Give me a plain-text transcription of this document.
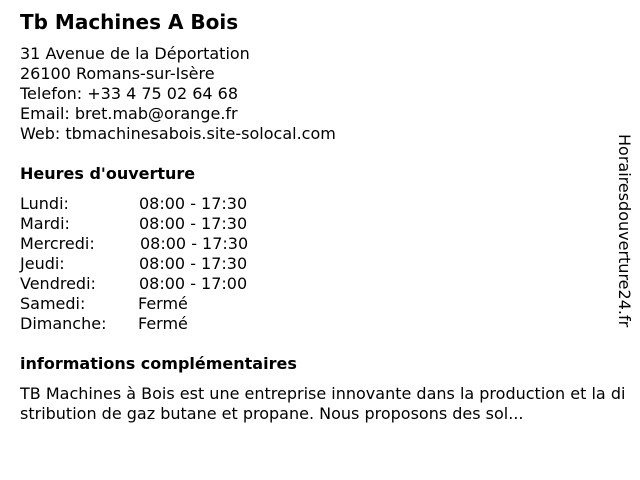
Tb Machines A Bois
31 Avenue de la Déportation
26100 Romans-sur-Isère
Telefon: +33 4 75 02 64 68
Email: bret.mab@orange.fr
Web: tbmachinesabois.site-solocal.com
Heures d'ouverture
Lundi:	08:00 - 17:30
Mardi:	08:00 - 17:30
Mercredi:	08:00 - 17:30
Jeudi:	08:00 - 17:30
Vendredi:	08:00 - 17:00
Samedi:	Fermé
Dimanche: Fermé
informations complémentaires
TB Machines à Bois est une entreprise innovante dans la production et la distribution de gaz butane et propane. Nous proposons des sol...
Horairesdouverture24.fr
